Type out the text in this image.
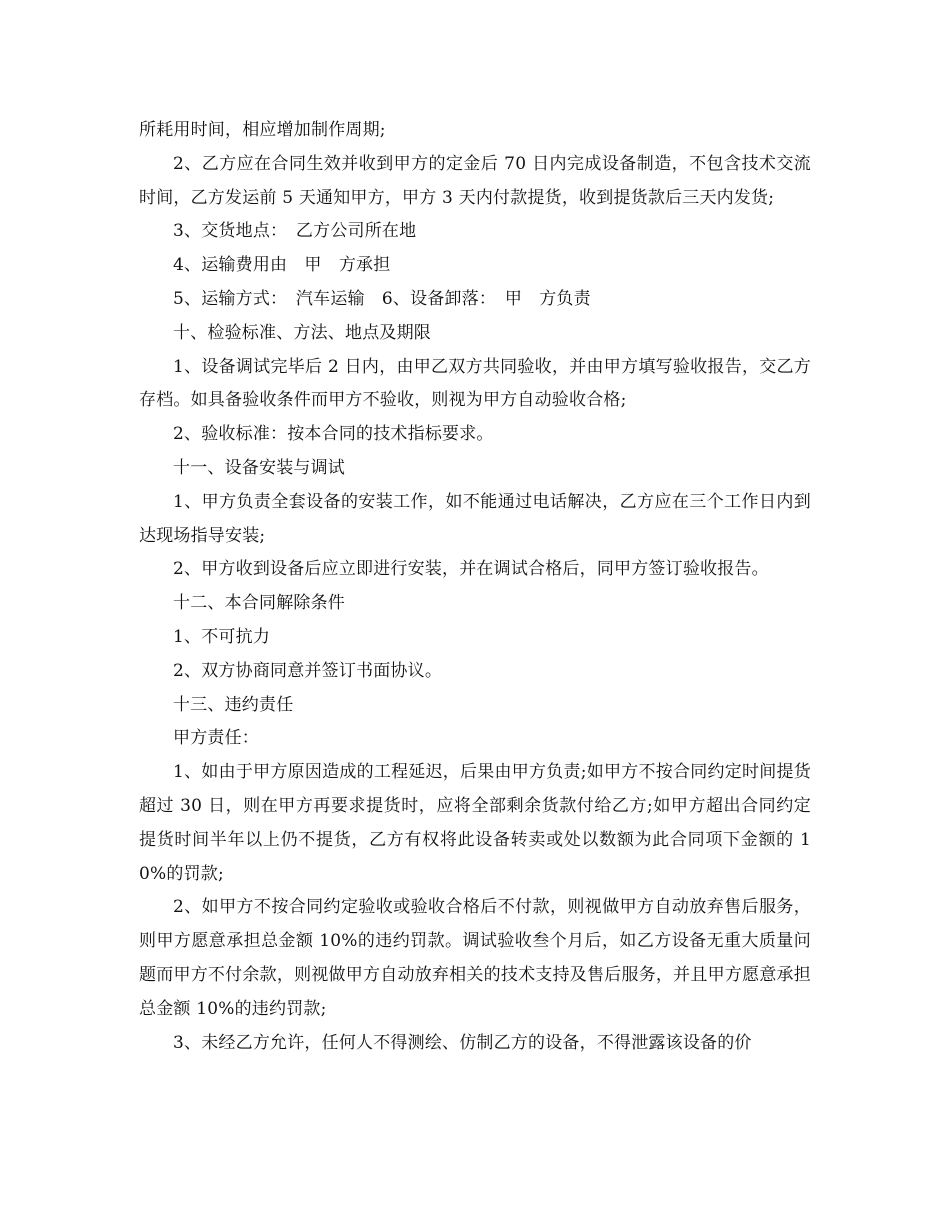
所耗用时间，相应增加制作周期;

2、乙方应在合同生效并收到甲方的定金后 70 日内完成设备制造，不包含技术交流时间，乙方发运前 5 天通知甲方，甲方 3 天内付款提货，收到提货款后三天内发货;

3、交货地点：　乙方公司所在地

4、运输费用由　甲　方承担

5、运输方式：　汽车运输　6、设备卸落：　甲　方负责

十、检验标准、方法、地点及期限

1、设备调试完毕后 2 日内，由甲乙双方共同验收，并由甲方填写验收报告，交乙方存档。如具备验收条件而甲方不验收，则视为甲方自动验收合格;

2、验收标准：按本合同的技术指标要求。

十一、设备安装与调试

1、甲方负责全套设备的安装工作，如不能通过电话解决，乙方应在三个工作日内到达现场指导安装;

2、甲方收到设备后应立即进行安装，并在调试合格后，同甲方签订验收报告。

十二、本合同解除条件

1、不可抗力

2、双方协商同意并签订书面协议。

十三、违约责任

甲方责任：

1、如由于甲方原因造成的工程延迟，后果由甲方负责;如甲方不按合同约定时间提货超过 30 日，则在甲方再要求提货时，应将全部剩余货款付给乙方;如甲方超出合同约定提货时间半年以上仍不提货，乙方有权将此设备转卖或处以数额为此合同项下金额的 10%的罚款;

2、如甲方不按合同约定验收或验收合格后不付款，则视做甲方自动放弃售后服务，则甲方愿意承担总金额 10%的违约罚款。调试验收叁个月后，如乙方设备无重大质量问题而甲方不付余款，则视做甲方自动放弃相关的技术支持及售后服务，并且甲方愿意承担总金额 10%的违约罚款;

3、未经乙方允许，任何人不得测绘、仿制乙方的设备，不得泄露该设备的价
